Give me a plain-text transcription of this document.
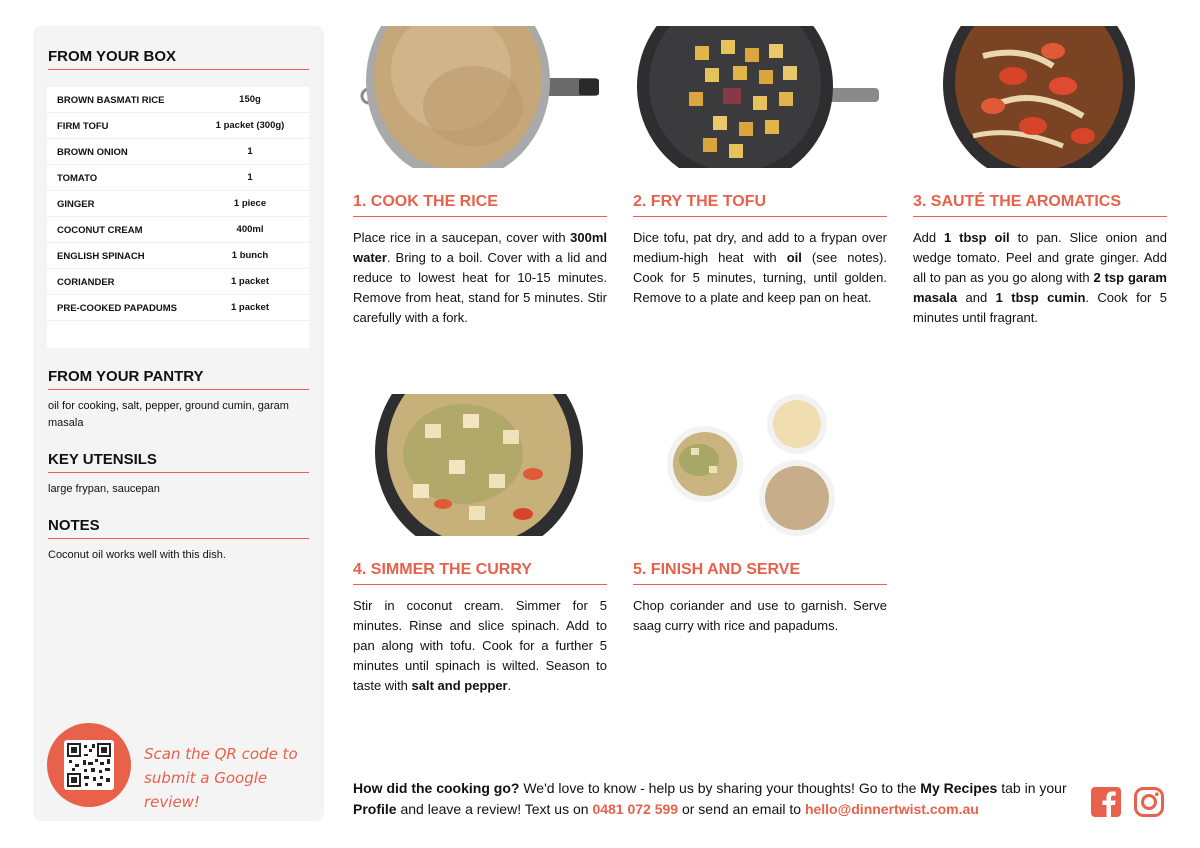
FROM YOUR BOX
BROWN BASMATI RICE	150g
FIRM TOFU	1 packet (300g)
BROWN ONION	1
TOMATO	1
GINGER	1 piece
COCONUT CREAM	400ml
ENGLISH SPINACH	1 bunch
CORIANDER	1 packet
PRE-COOKED PAPADUMS	1 packet
FROM YOUR PANTRY
oil for cooking, salt, pepper, ground cumin, garam masala
KEY UTENSILS
large frypan, saucepan
NOTES
Coconut oil works well with this dish.
Scan the QR code to
submit a Google review!
1. COOK THE RICE	2. FRY THE TOFU	3. SAUTÉ THE AROMATICS
4. SIMMER THE CURRY	5. FINISH AND SERVE
Place rice in a saucepan, cover with 300ml water. Bring to a boil. Cover with a lid and reduce to lowest heat for 10-15 minutes. Remove from heat, stand for 5 minutes. Stir carefully with a fork.
Dice tofu, pat dry, and add to a frypan over medium-high heat with oil (see notes). Cook for 5 minutes, turning, until golden. Remove to a plate and keep pan on heat.
Add 1 tbsp oil to pan. Slice onion and wedge tomato. Peel and grate ginger. Add all to pan as you go along with 2 tsp garam masala and 1 tbsp cumin. Cook for 5 minutes until fragrant.
Stir in coconut cream. Simmer for 5 minutes. Rinse and slice spinach. Add to pan along with tofu. Cook for a further 5 minutes until spinach is wilted. Season to taste with salt and pepper.
Chop coriander and use to garnish. Serve saag curry with rice and papadums.
How did the cooking go? We'd love to know - help us by sharing your thoughts! Go to the My Recipes tab in your Profile and leave a review! Text us on 0481 072 599 or send an email to hello@dinnertwist.com.au
